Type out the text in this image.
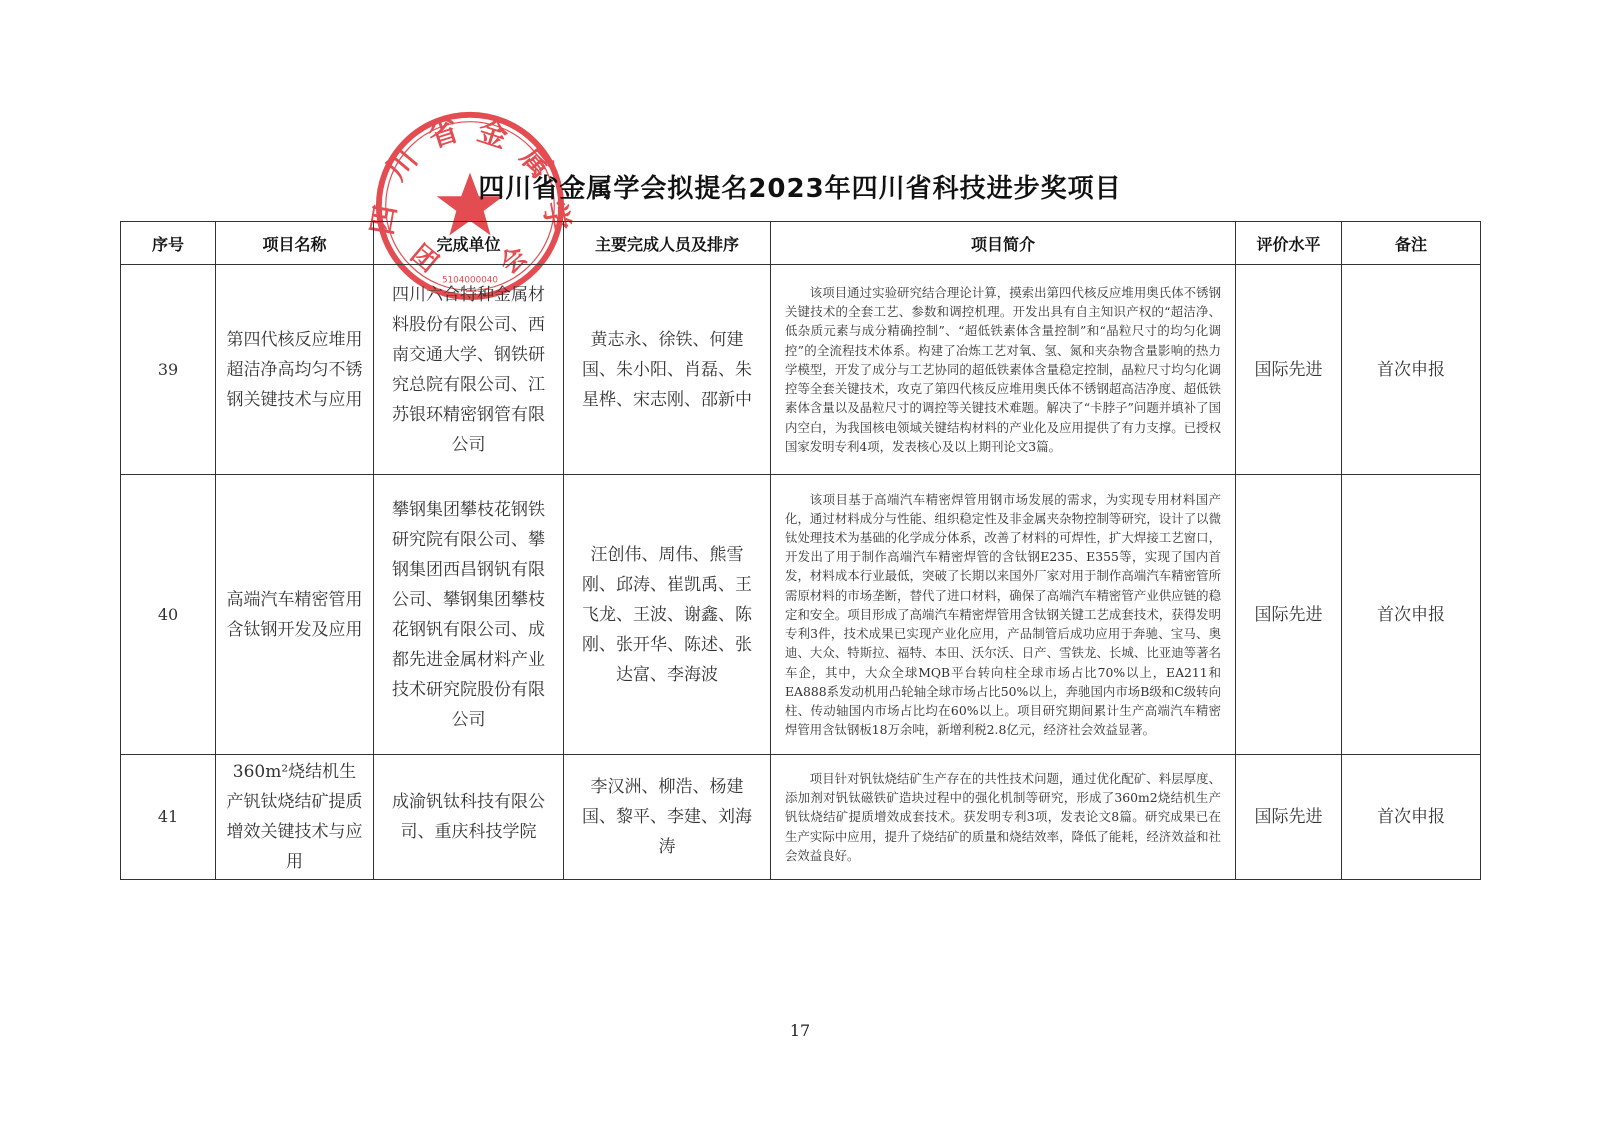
四
川
省 金
属
学
团 会
5104000040
四川省金属学会拟提名2023年四川省科技进步奖项目
序号	项目名称	完成单位	主要完成人员及排序	项目简介	评价水平	备注
39	第四代核反应堆用超洁净高均匀不锈钢关键技术与应用	四川六合特种金属材料股份有限公司、西南交通大学、钢铁研究总院有限公司、江苏银环精密钢管有限公司	黄志永、徐铁、何建国、朱小阳、肖磊、朱星桦、宋志刚、邵新中	该项目通过实验研究结合理论计算，摸索出第四代核反应堆用奥氏体不锈钢关键技术的全套工艺、参数和调控机理。开发出具有自主知识产权的“超洁净、低杂质元素与成分精确控制”、“超低铁素体含量控制”和“晶粒尺寸的均匀化调控”的全流程技术体系。构建了冶炼工艺对氧、氢、氮和夹杂物含量影响的热力学模型，开发了成分与工艺协同的超低铁素体含量稳定控制，晶粒尺寸均匀化调控等全套关键技术，攻克了第四代核反应堆用奥氏体不锈钢超高洁净度、超低铁素体含量以及晶粒尺寸的调控等关键技术难题。解决了“卡脖子”问题并填补了国内空白，为我国核电领域关键结构材料的产业化及应用提供了有力支撑。已授权国家发明专利4项，发表核心及以上期刊论文3篇。	国际先进	首次申报
40	高端汽车精密管用含钛钢开发及应用	攀钢集团攀枝花钢铁研究院有限公司、攀钢集团西昌钢钒有限公司、攀钢集团攀枝花钢钒有限公司、成都先进金属材料产业技术研究院股份有限公司	汪创伟、周伟、熊雪刚、邱涛、崔凯禹、王飞龙、王波、谢鑫、陈刚、张开华、陈述、张达富、李海波	该项目基于高端汽车精密焊管用钢市场发展的需求，为实现专用材料国产化，通过材料成分与性能、组织稳定性及非金属夹杂物控制等研究，设计了以微钛处理技术为基础的化学成分体系，改善了材料的可焊性，扩大焊接工艺窗口，开发出了用于制作高端汽车精密焊管的含钛钢E235、E355等，实现了国内首发，材料成本行业最低，突破了长期以来国外厂家对用于制作高端汽车精密管所需原材料的市场垄断，替代了进口材料，确保了高端汽车精密管产业供应链的稳定和安全。项目形成了高端汽车精密焊管用含钛钢关键工艺成套技术，获得发明专利3件，技术成果已实现产业化应用，产品制管后成功应用于奔驰、宝马、奥迪、大众、特斯拉、福特、本田、沃尔沃、日产、雪铁龙、长城、比亚迪等著名车企，其中，大众全球MQB平台转向柱全球市场占比70%以上，EA211和EA888系发动机用凸轮轴全球市场占比50%以上，奔驰国内市场B级和C级转向柱、传动轴国内市场占比均在60%以上。项目研究期间累计生产高端汽车精密焊管用含钛钢板18万余吨，新增利税2.8亿元，经济社会效益显著。	国际先进	首次申报
41	360m²烧结机生产钒钛烧结矿提质增效关键技术与应用	成渝钒钛科技有限公司、重庆科技学院	李汉洲、柳浩、杨建国、黎平、李建、刘海涛	项目针对钒钛烧结矿生产存在的共性技术问题，通过优化配矿、料层厚度、添加剂对钒钛磁铁矿造块过程中的强化机制等研究，形成了360m2烧结机生产钒钛烧结矿提质增效成套技术。获发明专利3项，发表论文8篇。研究成果已在生产实际中应用，提升了烧结矿的质量和烧结效率，降低了能耗，经济效益和社会效益良好。	国际先进	首次申报
17
